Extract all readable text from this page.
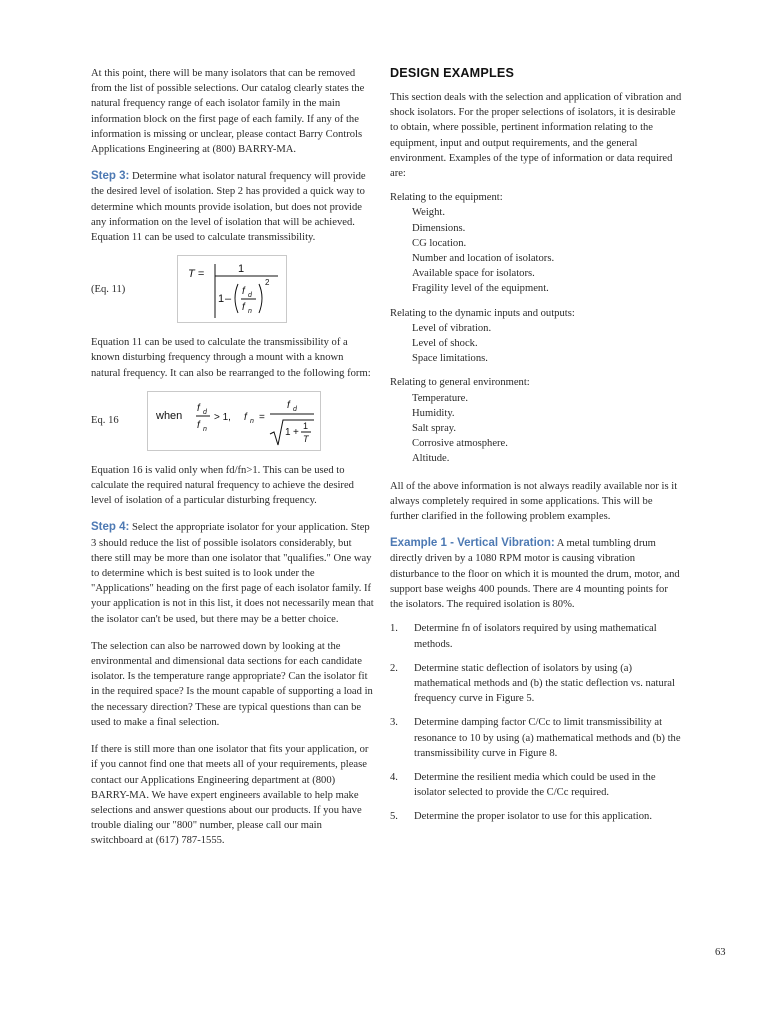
At this point, there will be many isolators that can be removed from the list of possible selections. Our catalog clearly states the natural frequency range of each isolator family in the main information block on the first page of each family. If any of the information is missing or unclear, please contact Barry Controls Applications Engineering at (800) BARRY-MA.

Step 3: Determine what isolator natural frequency will provide the desired level of isolation. Step 2 has provided a quick way to determine which mounts provide isolation, but does not provide any information on the level of isolation that will be achieved. Equation 11 can be used to calculate transmissibility.

(Eq. 11)
T =	1
1 –
f d
f n
2

Equation 11 can be used to calculate the transmissibility of a known disturbing frequency through a mount with a known natural frequency. It can also be rearranged to the following form:

Eq. 16	when
f d
f n
> 1, f n =
f d
1 +
1
T

Equation 16 is valid only when fd/fn>1. This can be used to calculate the required natural frequency to achieve the desired level of isolation of a particular disturbing frequency.

Step 4: Select the appropriate isolator for your application. Step 3 should reduce the list of possible isolators considerably, but there still may be more than one isolator that "qualifies." One way to determine which is best suited is to look under the "Applications" heading on the first page of each isolator family. If your application is not in this list, it does not necessarily mean that the isolator can't be used, but there may be a better choice.

The selection can also be narrowed down by looking at the environmental and dimensional data sections for each candidate isolator. Is the temperature range appropriate? Can the isolator fit in the required space? Is the mount capable of supporting a load in the necessary direction? These are typical questions than can be used to make a final selection.

If there is still more than one isolator that fits your application, or if you cannot find one that meets all of your requirements, please contact our Applications Engineering department at (800) BARRY-MA. We have expert engineers available to help make selections and answer questions about our products. If you have trouble dialing our "800" number, please call our main switchboard at (617) 787-1555.

DESIGN EXAMPLES

This section deals with the selection and application of vibration and shock isolators. For the proper selections of isolators, it is desirable to obtain, where possible, pertinent information relating to the equipment, input and output requirements, and the general environment. Examples of the type of information or data required are:

Relating to the equipment:

Weight.

Dimensions.

CG location.

Number and location of isolators.

Available space for isolators.

Fragility level of the equipment.

Relating to the dynamic inputs and outputs:

Level of vibration.

Level of shock.

Space limitations.

Relating to general environment:

Temperature.

Humidity.

Salt spray.

Corrosive atmosphere.

Altitude.

All of the above information is not always readily available nor is it always completely required in some applications. This will be further clarified in the following problem examples.

Example 1 - Vertical Vibration: A metal tumbling drum directly driven by a 1080 RPM motor is causing vibration disturbance to the floor on which it is mounted the drum, motor, and support base weighs 400 pounds. There are 4 mounting points for the isolators. The required isolation is 80%.

1.	Determine fn of isolators required by using mathematical methods.
2.	Determine static deflection of isolators by using (a) mathematical methods and (b) the static deflection vs. natural frequency curve in Figure 5.
3.	Determine damping factor C/Cc to limit transmissibility at resonance to 10 by using (a) mathematical methods and (b) the transmissibility curve in Figure 8.
4.	Determine the resilient media which could be used in the isolator selected to provide the C/Cc required.
5.	Determine the proper isolator to use for this application.
63
